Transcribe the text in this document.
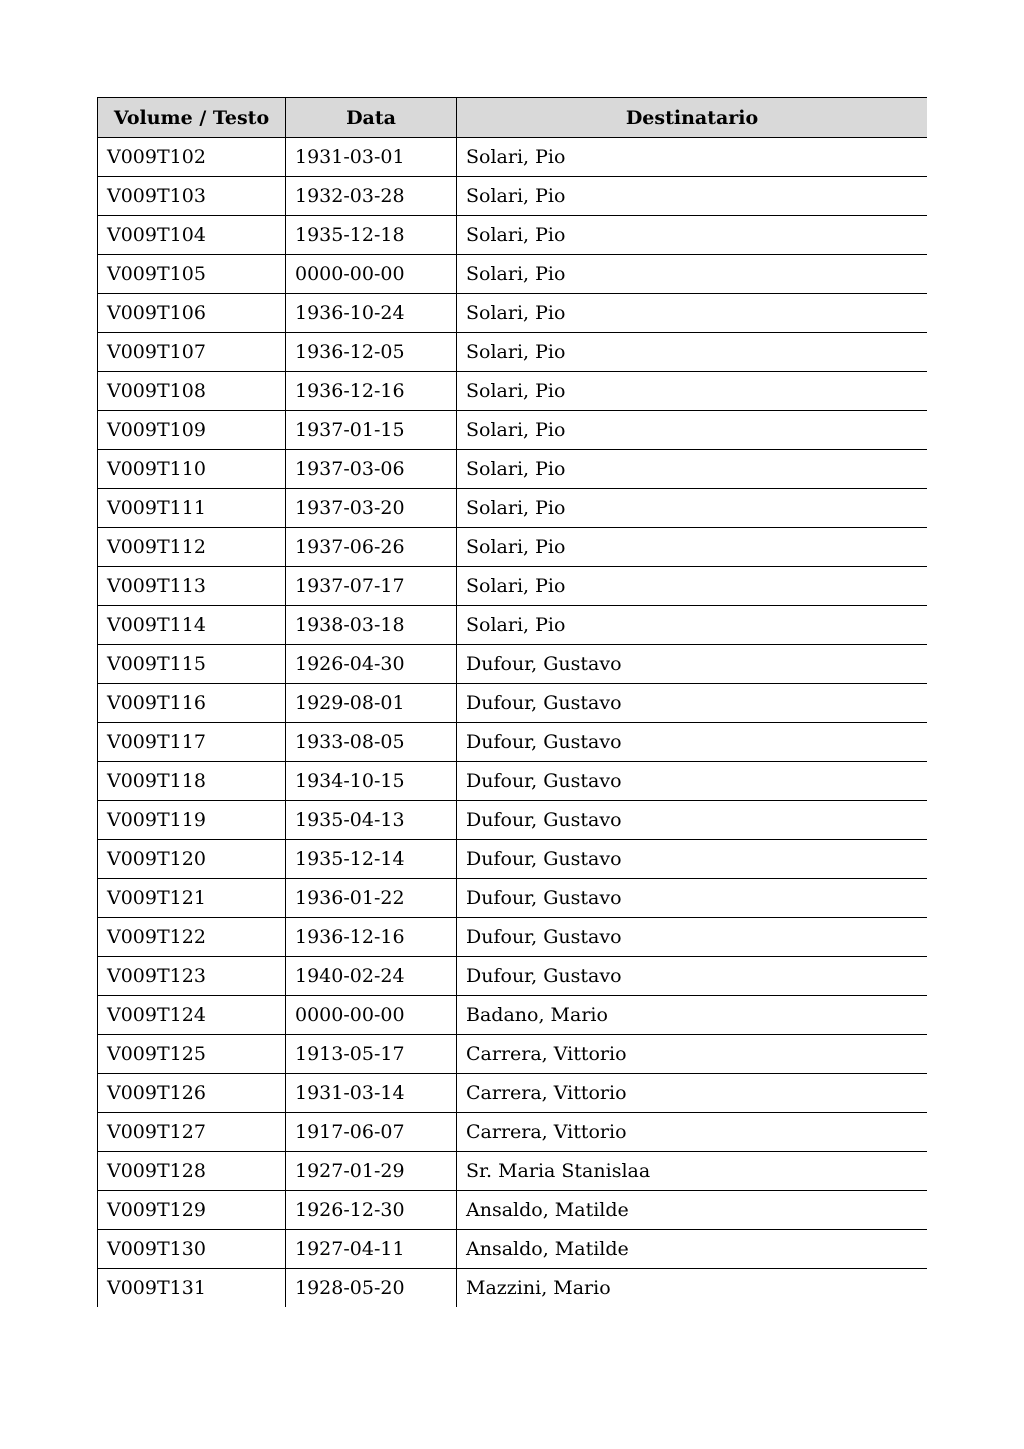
Volume / Testo	Data	Destinatario
V009T102	1931-03-01	Solari, Pio
V009T103	1932-03-28	Solari, Pio
V009T104	1935-12-18	Solari, Pio
V009T105	0000-00-00	Solari, Pio
V009T106	1936-10-24	Solari, Pio
V009T107	1936-12-05	Solari, Pio
V009T108	1936-12-16	Solari, Pio
V009T109	1937-01-15	Solari, Pio
V009T110	1937-03-06	Solari, Pio
V009T111	1937-03-20	Solari, Pio
V009T112	1937-06-26	Solari, Pio
V009T113	1937-07-17	Solari, Pio
V009T114	1938-03-18	Solari, Pio
V009T115	1926-04-30	Dufour, Gustavo
V009T116	1929-08-01	Dufour, Gustavo
V009T117	1933-08-05	Dufour, Gustavo
V009T118	1934-10-15	Dufour, Gustavo
V009T119	1935-04-13	Dufour, Gustavo
V009T120	1935-12-14	Dufour, Gustavo
V009T121	1936-01-22	Dufour, Gustavo
V009T122	1936-12-16	Dufour, Gustavo
V009T123	1940-02-24	Dufour, Gustavo
V009T124	0000-00-00	Badano, Mario
V009T125	1913-05-17	Carrera, Vittorio
V009T126	1931-03-14	Carrera, Vittorio
V009T127	1917-06-07	Carrera, Vittorio
V009T128	1927-01-29	Sr. Maria Stanislaa
V009T129	1926-12-30	Ansaldo, Matilde
V009T130	1927-04-11	Ansaldo, Matilde
V009T131	1928-05-20	Mazzini, Mario
